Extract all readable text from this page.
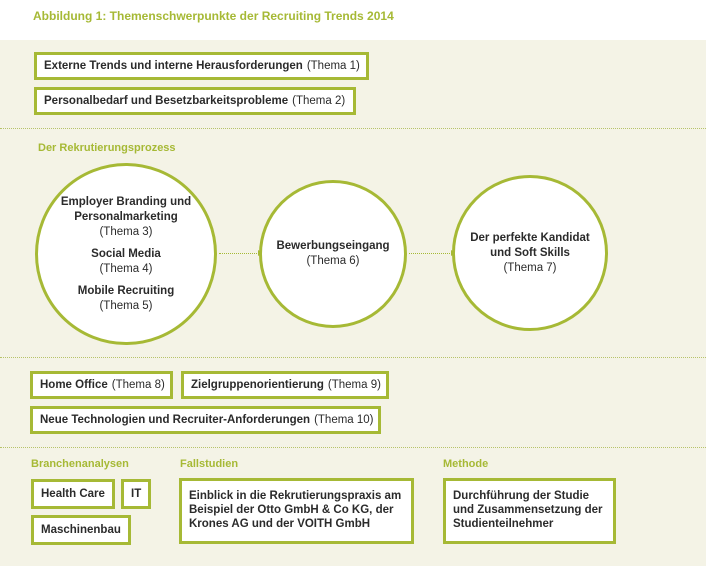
Abbildung 1: Themenschwerpunkte der Recruiting Trends 2014
Externe Trends und interne Herausforderungen (Thema 1)
Personalbedarf und Besetzbarkeitsprobleme (Thema 2)
Der Rekrutierungsprozess
Employer Branding und Personalmarketing
(Thema 3)
Social Media
(Thema 4)
Mobile Recruiting
(Thema 5)
Bewerbungseingang
(Thema 6)
Der perfekte Kandidat und Soft Skills
(Thema 7)
Home Office (Thema 8) Zielgruppenorientierung (Thema 9)
Neue Technologien und Recruiter-Anforderungen (Thema 10)
Branchenanalysen	Fallstudien	Methode
Health Care IT
Maschinenbau
Einblick in die Rekrutierungspraxis am Beispiel der Otto GmbH & Co KG, der Krones AG und der VOITH GmbH
Durchführung der Studie und Zusammensetzung der Studienteilnehmer
